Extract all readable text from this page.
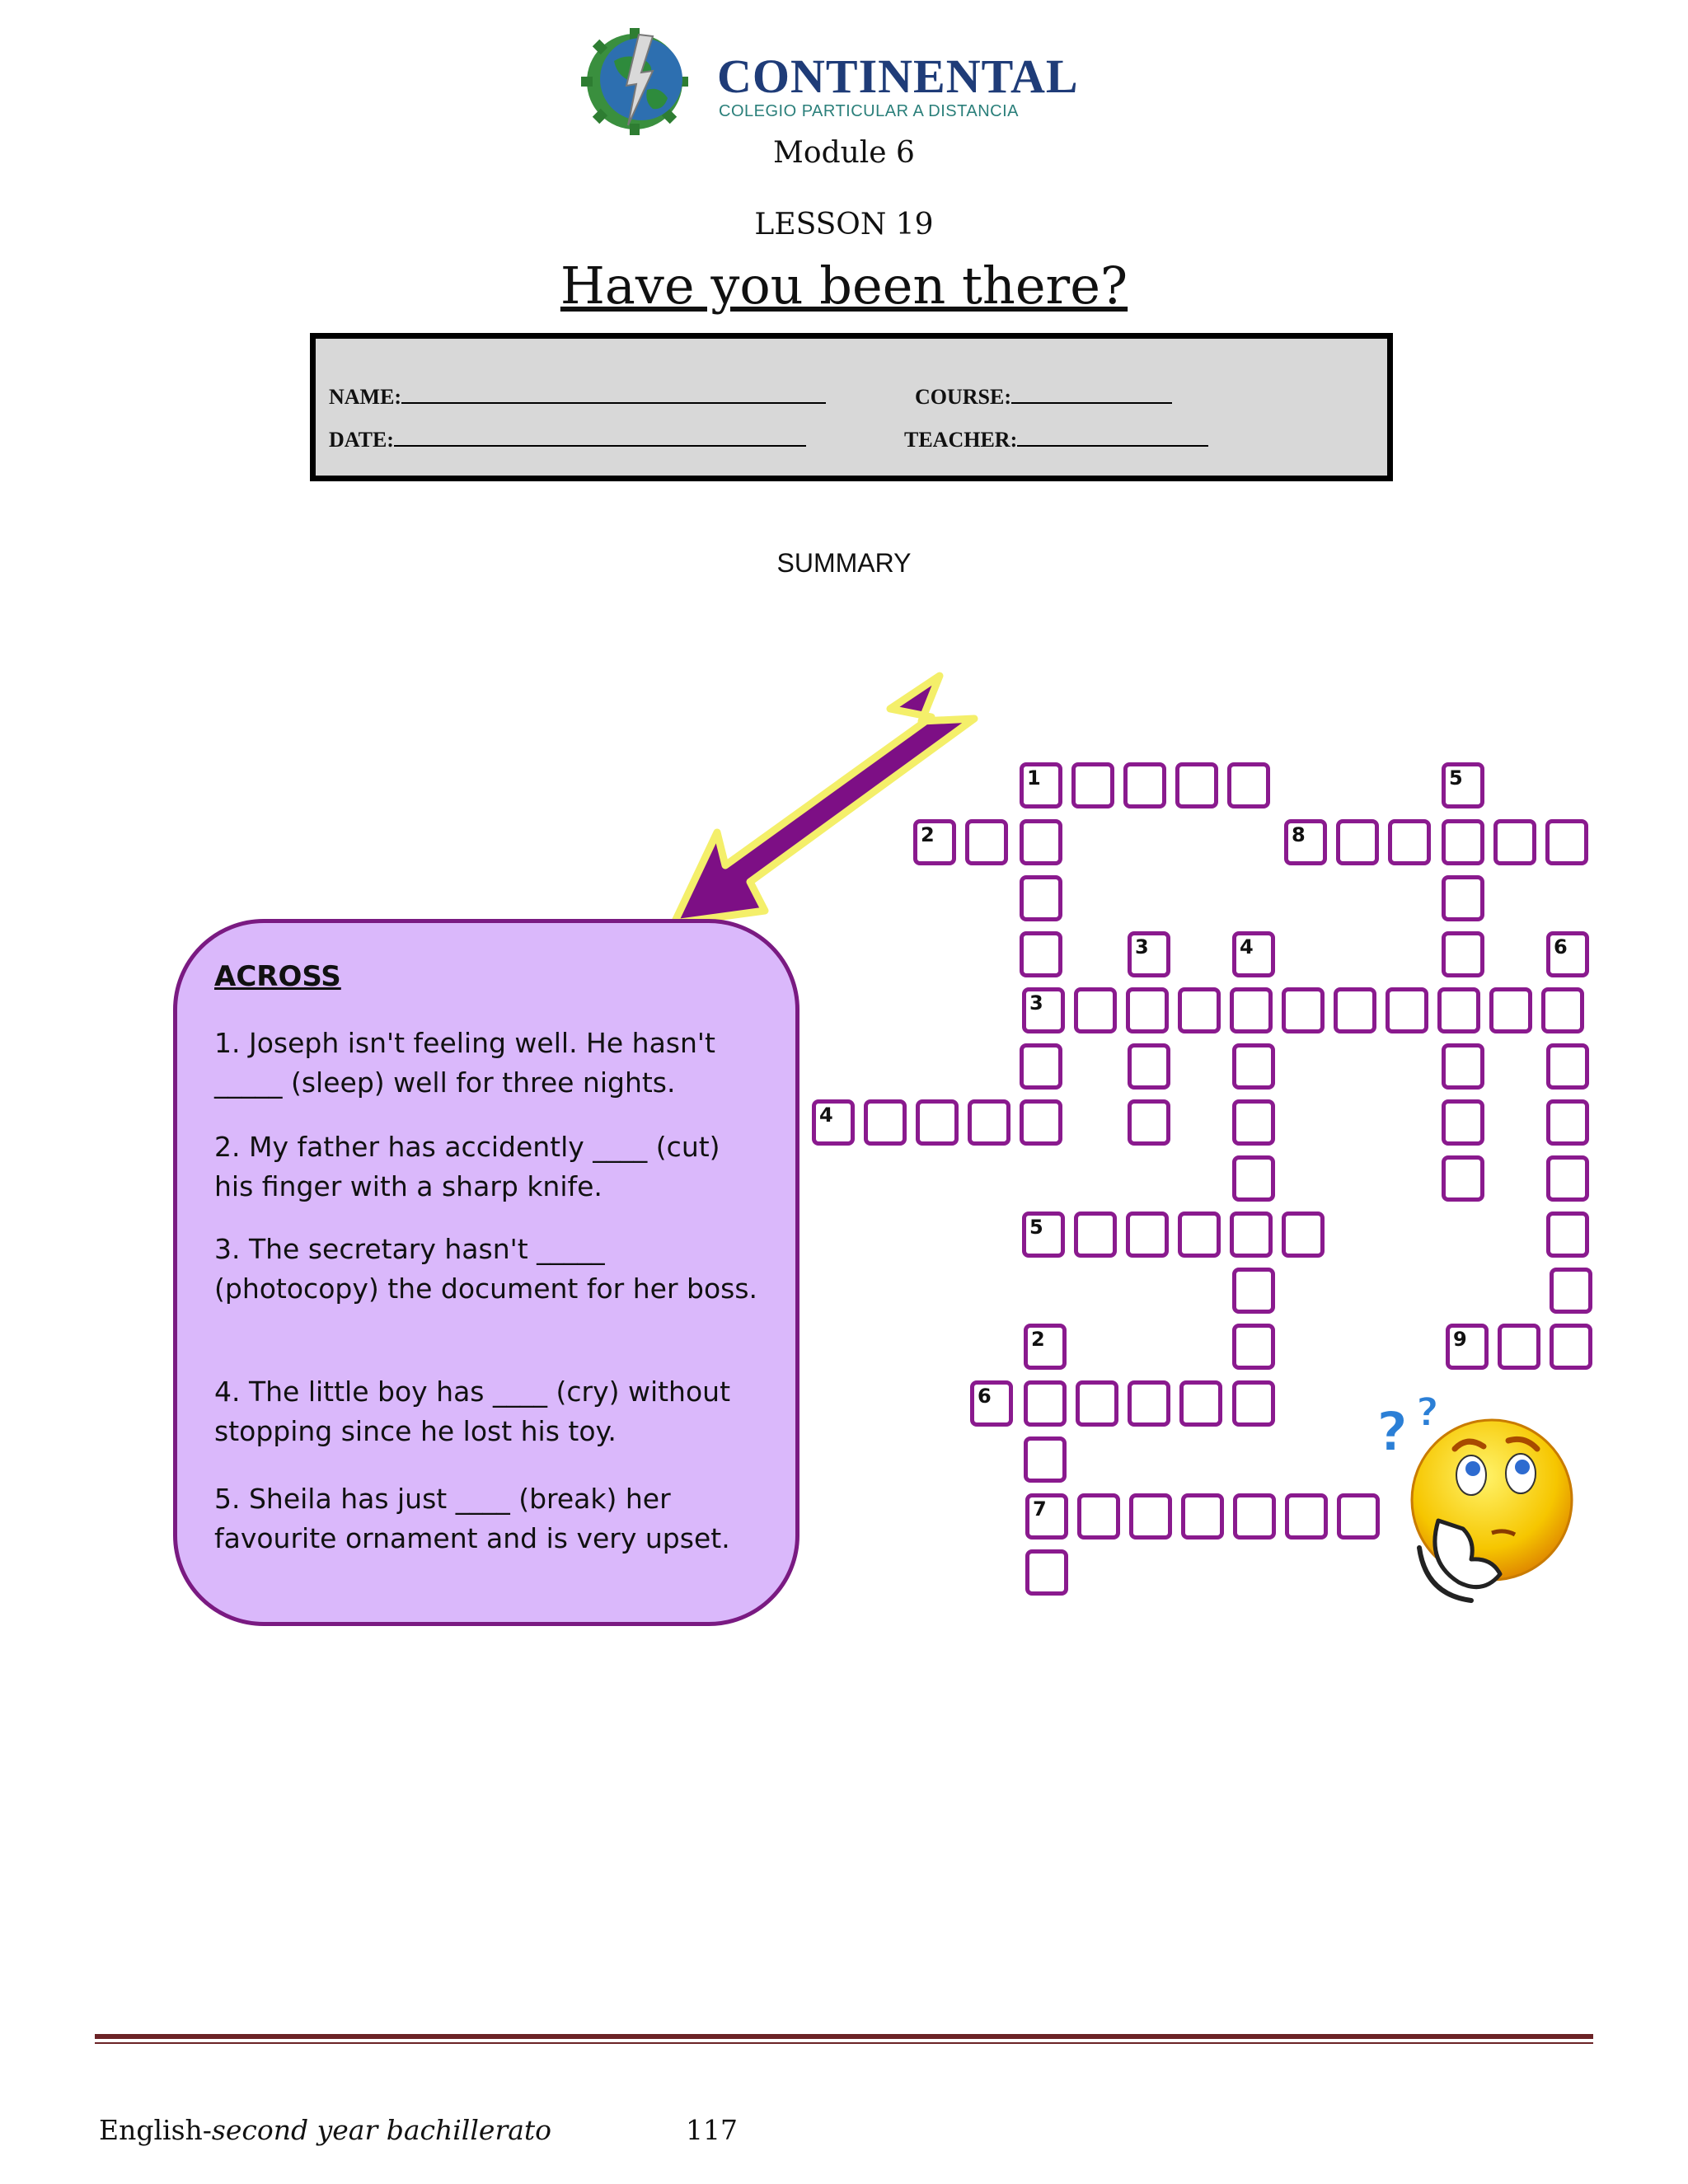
CONTINENTAL
COLEGIO PARTICULAR A DISTANCIA
Module 6
LESSON 19
Have you been there?
NAME:	COURSE:
DATE:	TEACHER:
SUMMARY
ACROSS
1. Joseph isn't feeling well. He hasn't _____ (sleep) well for three nights.
2. My father has accidently ____ (cut) his finger with a sharp knife.
3. The secretary hasn't _____ (photocopy) the document for her boss.
4. The little boy has ____ (cry) without stopping since he lost his toy.
5. Sheila has just ____ (break) her favourite ornament and is very upset.
1	5
2	8
3	4	6
3
4
5
2	9
6
7
? ?
English-second year bachillerato	117
